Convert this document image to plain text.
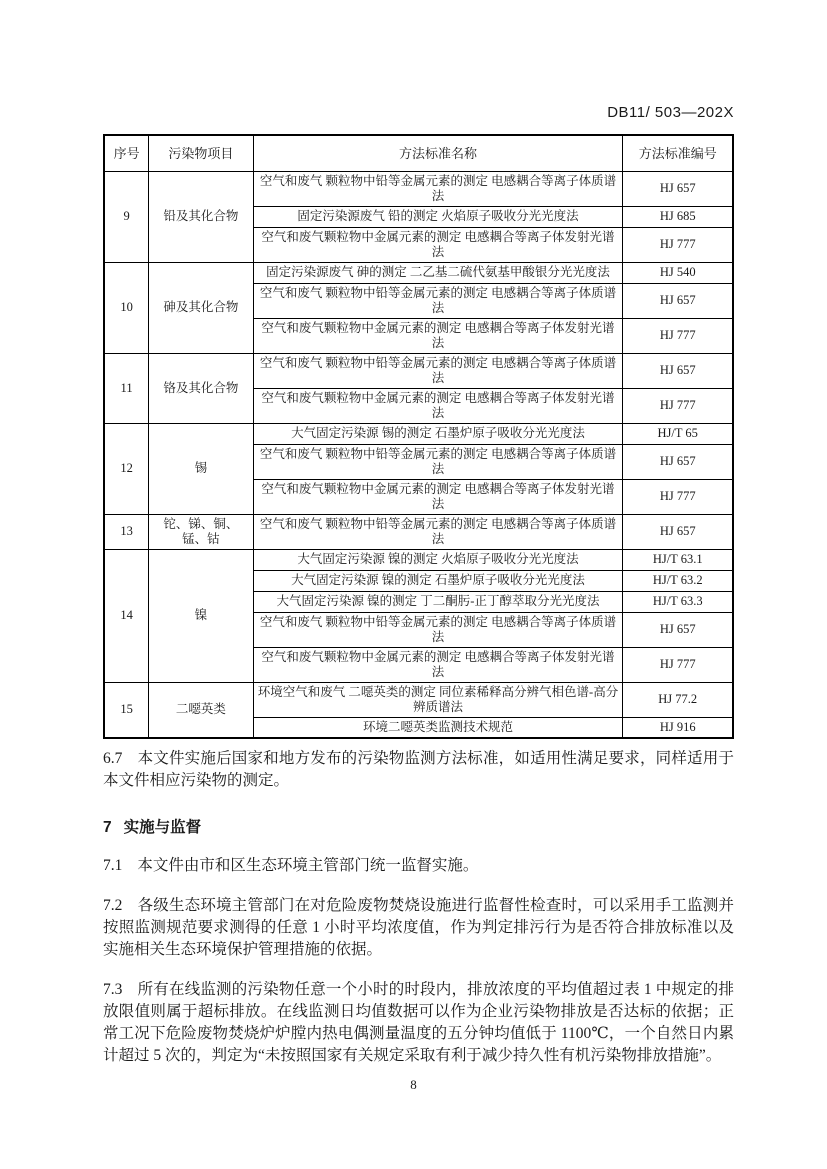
DB11/ 503—202X
序号	污染物项目	方法标准名称	方法标准编号
9	铅及其化合物	空气和废气 颗粒物中铅等金属元素的测定 电感耦合等离子体质谱法	HJ 657
		固定污染源废气 铅的测定 火焰原子吸收分光光度法	HJ 685
		空气和废气颗粒物中金属元素的测定 电感耦合等离子体发射光谱法	HJ 777
10	砷及其化合物	固定污染源废气 砷的测定 二乙基二硫代氨基甲酸银分光光度法	HJ 540
		空气和废气 颗粒物中铅等金属元素的测定 电感耦合等离子体质谱法	HJ 657
		空气和废气颗粒物中金属元素的测定 电感耦合等离子体发射光谱法	HJ 777
11	铬及其化合物	空气和废气 颗粒物中铅等金属元素的测定 电感耦合等离子体质谱法	HJ 657
		空气和废气颗粒物中金属元素的测定 电感耦合等离子体发射光谱法	HJ 777
12	锡	大气固定污染源 锡的测定 石墨炉原子吸收分光光度法	HJ/T 65
		空气和废气 颗粒物中铅等金属元素的测定 电感耦合等离子体质谱法	HJ 657
		空气和废气颗粒物中金属元素的测定 电感耦合等离子体发射光谱法	HJ 777
13	铊、锑、铜、锰、钴	空气和废气 颗粒物中铅等金属元素的测定 电感耦合等离子体质谱法	HJ 657
14	镍	大气固定污染源 镍的测定 火焰原子吸收分光光度法	HJ/T 63.1
		大气固定污染源 镍的测定 石墨炉原子吸收分光光度法	HJ/T 63.2
		大气固定污染源 镍的测定 丁二酮肟-正丁醇萃取分光光度法	HJ/T 63.3
		空气和废气 颗粒物中铅等金属元素的测定 电感耦合等离子体质谱法	HJ 657
		空气和废气颗粒物中金属元素的测定 电感耦合等离子体发射光谱法	HJ 777
15	二噁英类	环境空气和废气 二噁英类的测定 同位素稀释高分辨气相色谱-高分辨质谱法	HJ 77.2
		环境二噁英类监测技术规范	HJ 916

6.7 本文件实施后国家和地方发布的污染物监测方法标准，如适用性满足要求，同样适用于本文件相应污染物的测定。

7 实施与监督

7.1 本文件由市和区生态环境主管部门统一监督实施。

7.2 各级生态环境主管部门在对危险废物焚烧设施进行监督性检查时，可以采用手工监测并按照监测规范要求测得的任意 1 小时平均浓度值，作为判定排污行为是否符合排放标准以及实施相关生态环境保护管理措施的依据。

7.3 所有在线监测的污染物任意一个小时的时段内，排放浓度的平均值超过表 1 中规定的排放限值则属于超标排放。在线监测日均值数据可以作为企业污染物排放是否达标的依据；正常工况下危险废物焚烧炉炉膛内热电偶测量温度的五分钟均值低于 1100℃，一个自然日内累计超过 5 次的，判定为“未按照国家有关规定采取有利于减少持久性有机污染物排放措施”。

8
